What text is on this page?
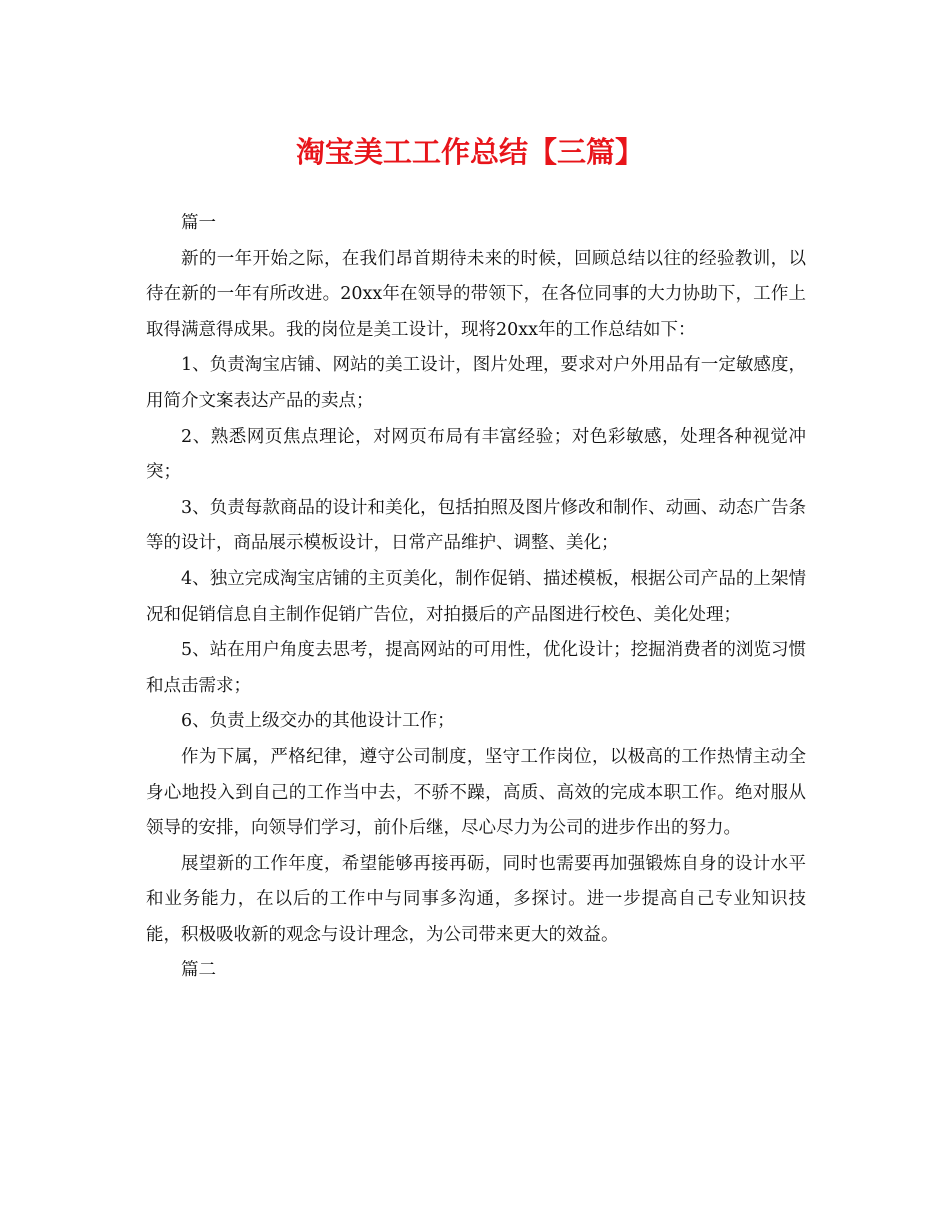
淘宝美工工作总结【三篇】

篇一

新的一年开始之际，在我们昂首期待未来的时候，回顾总结以往的经验教训，以待在新的一年有所改进。20xx年在领导的带领下，在各位同事的大力协助下，工作上取得满意得成果。我的岗位是美工设计，现将20xx年的工作总结如下：

1、负责淘宝店铺、网站的美工设计，图片处理，要求对户外用品有一定敏感度，用简介文案表达产品的卖点；

2、熟悉网页焦点理论，对网页布局有丰富经验；对色彩敏感，处理各种视觉冲突；

3、负责每款商品的设计和美化，包括拍照及图片修改和制作、动画、动态广告条等的设计，商品展示模板设计，日常产品维护、调整、美化；

4、独立完成淘宝店铺的主页美化，制作促销、描述模板，根据公司产品的上架情况和促销信息自主制作促销广告位，对拍摄后的产品图进行校色、美化处理；

5、站在用户角度去思考，提高网站的可用性，优化设计；挖掘消费者的浏览习惯和点击需求；

6、负责上级交办的其他设计工作；

作为下属，严格纪律，遵守公司制度，坚守工作岗位，以极高的工作热情主动全身心地投入到自己的工作当中去，不骄不躁，高质、高效的完成本职工作。绝对服从领导的安排，向领导们学习，前仆后继，尽心尽力为公司的进步作出的努力。

展望新的工作年度，希望能够再接再砺，同时也需要再加强锻炼自身的设计水平和业务能力，在以后的工作中与同事多沟通，多探讨。进一步提高自己专业知识技能，积极吸收新的观念与设计理念，为公司带来更大的效益。

篇二
